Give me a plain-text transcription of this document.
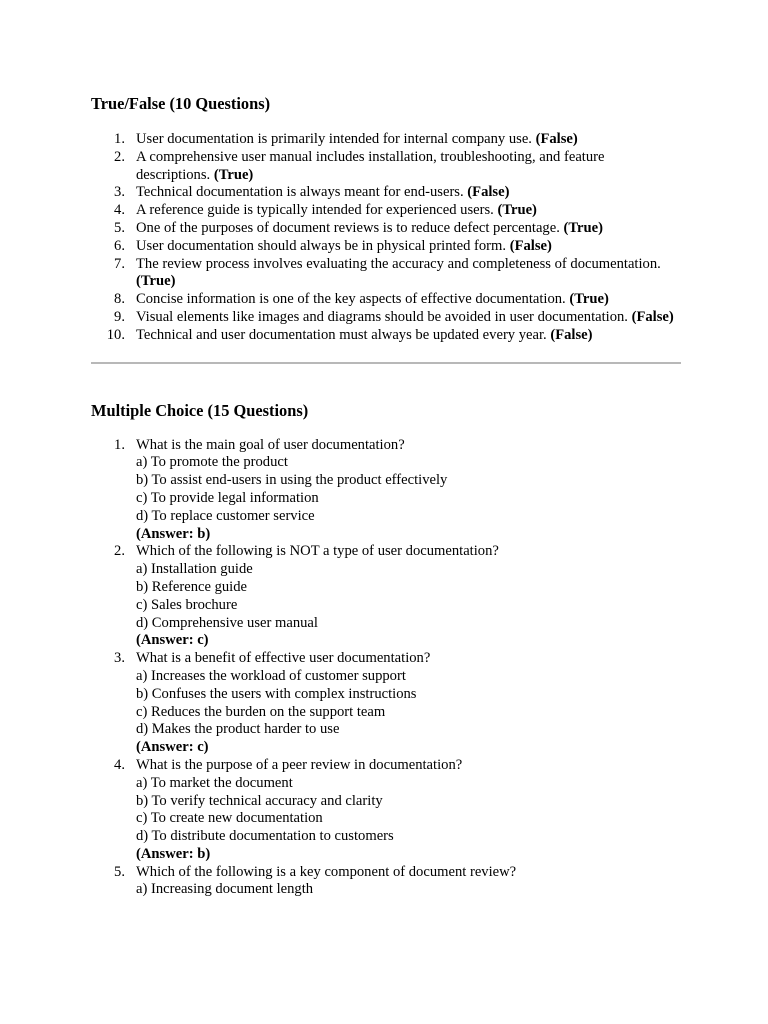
True/False (10 Questions)
1. User documentation is primarily intended for internal company use. (False)
2. A comprehensive user manual includes installation, troubleshooting, and feature descriptions. (True)
3. Technical documentation is always meant for end-users. (False)
4. A reference guide is typically intended for experienced users. (True)
5. One of the purposes of document reviews is to reduce defect percentage. (True)
6. User documentation should always be in physical printed form. (False)
7. The review process involves evaluating the accuracy and completeness of documentation. (True)
8. Concise information is one of the key aspects of effective documentation. (True)
9. Visual elements like images and diagrams should be avoided in user documentation. (False)
10. Technical and user documentation must always be updated every year. (False)
Multiple Choice (15 Questions)
1. What is the main goal of user documentation?
a) To promote the product
b) To assist end-users in using the product effectively
c) To provide legal information
d) To replace customer service
(Answer: b)
2. Which of the following is NOT a type of user documentation?
a) Installation guide
b) Reference guide
c) Sales brochure
d) Comprehensive user manual
(Answer: c)
3. What is a benefit of effective user documentation?
a) Increases the workload of customer support
b) Confuses the users with complex instructions
c) Reduces the burden on the support team
d) Makes the product harder to use
(Answer: c)
4. What is the purpose of a peer review in documentation?
a) To market the document
b) To verify technical accuracy and clarity
c) To create new documentation
d) To distribute documentation to customers
(Answer: b)
5. Which of the following is a key component of document review?
a) Increasing document length
